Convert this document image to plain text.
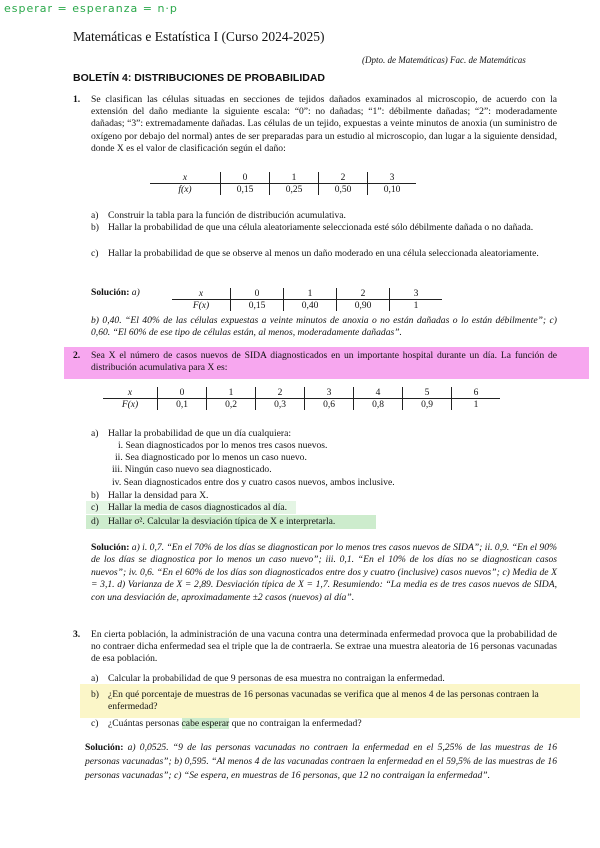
esperar = esperanza = n·p
Matemáticas e Estatística I (Curso 2024-2025)
(Dpto. de Matemáticas) Fac. de Matemáticas
BOLETÍN 4: DISTRIBUCIONES DE PROBABILIDAD
1. Se clasifican las células situadas en secciones de tejidos dañados examinados al microscopio, de acuerdo con la extensión del daño mediante la siguiente escala: “0”: no dañadas; “1”: débilmente dañadas; “2”: moderadamente dañadas; “3”: extremadamente dañadas. Las células de un tejido, expuestas a veinte minutos de anoxia (un suministro de oxígeno por debajo del normal) antes de ser preparadas para un estudio al microscopio, dan lugar a la siguiente densidad, donde X es el valor de clasificación según el daño:

x	0	1	2	3
f(x)	0,15	0,25	0,50	0,10
a) Construir la tabla para la función de distribución acumulativa.

b) Hallar la probabilidad de que una célula aleatoriamente seleccionada esté sólo débilmente dañada o no dañada.

c) Hallar la probabilidad de que se observe al menos un daño moderado en una célula seleccionada aleatoriamente.

Solución: a)	x	0	1	2	3
F(x)	0,15	0,40	0,90	1

b) 0,40. “El 40% de las células expuestas a veinte minutos de anoxia o no están dañadas o lo están débilmente”; c) 0,60. “El 60% de ese tipo de células están, al menos, moderadamente dañadas”.

2. Sea X el número de casos nuevos de SIDA diagnosticados en un importante hospital durante un día. La función de distribución acumulativa para X es:

x	0	1	2	3	4	5	6
F(x)	0,1	0,2	0,3	0,6	0,8	0,9	1
a) Hallar la probabilidad de que un día cualquiera:

i. Sean diagnosticados por lo menos tres casos nuevos.

ii. Sea diagnosticado por lo menos un caso nuevo.

iii. Ningún caso nuevo sea diagnosticado.

iv. Sean diagnosticados entre dos y cuatro casos nuevos, ambos inclusive.

b) Hallar la densidad para X.

c) Hallar la media de casos diagnosticados al día.

d) Hallar σ². Calcular la desviación típica de X e interpretarla.

Solución: a) i. 0,7. “En el 70% de los días se diagnostican por lo menos tres casos nuevos de SIDA”; ii. 0,9. “En el 90% de los días se diagnostica por lo menos un caso nuevo”; iii. 0,1. “En el 10% de los días no se diagnostican casos nuevos”; iv. 0,6. “En el 60% de los días son diagnosticados entre dos y cuatro (inclusive) casos nuevos”; c) Media de X = 3,1. d) Varianza de X = 2,89. Desviación típica de X = 1,7. Resumiendo: “La media es de tres casos nuevos de SIDA, con una desviación de, aproximadamente ±2 casos (nuevos) al día”.

3. En cierta población, la administración de una vacuna contra una determinada enfermedad provoca que la probabilidad de no contraer dicha enfermedad sea el triple que la de contraerla. Se extrae una muestra aleatoria de 16 personas vacunadas de esa población.

a) Calcular la probabilidad de que 9 personas de esa muestra no contraigan la enfermedad.

b) ¿En qué porcentaje de muestras de 16 personas vacunadas se verifica que al menos 4 de las personas contraen la enfermedad?

c) ¿Cuántas personas cabe esperar que no contraigan la enfermedad?

Solución: a) 0,0525. “9 de las personas vacunadas no contraen la enfermedad en el 5,25% de las muestras de 16 personas vacunadas”; b) 0,595. “Al menos 4 de las vacunadas contraen la enfermedad en el 59,5% de las muestras de 16 personas vacunadas”; c) “Se espera, en muestras de 16 personas, que 12 no contraigan la enfermedad”.
